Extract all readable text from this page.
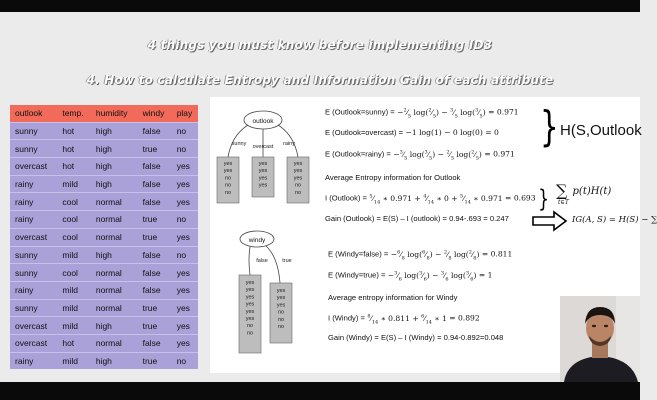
4 things you must know before implementing ID3
4. How to calculate Entropy and Information Gain of each attribute
outlook	temp.	humidity	windy	play
sunny	hot	high	false	no
sunny	hot	high	true	no
overcast	hot	high	false	yes
rainy	mild	high	false	yes
rainy	cool	normal	false	yes
rainy	cool	normal	true	no
overcast	cool	normal	true	yes
sunny	mild	high	false	no
sunny	cool	normal	false	yes
rainy	mild	normal	false	yes
sunny	mild	normal	true	yes
overcast	mild	high	true	yes
overcast	hot	normal	false	yes
rainy	mild	high	true	no
outlook
sunny overcast rainy
yes
yes
no
no
no
yes
yes
yes
yes
yes
yes
yes
no
no
windy
false	true
yes
yes
yes
yes
yes
yes
no
no
yes
yes
yes
no
no
no
E (Outlook=sunny) = $-^2⁄_5$ $\log(^2⁄_5)$ − $^3⁄_5$ $\log(^3⁄_5) = 0.971$
E (Outlook=overcast) = −1 log(1) − 0 log(0) = 0
E (Outlook=rainy) = $-^3⁄_5$ $\log(^3⁄_5)$ − $^2⁄_5$ $\log(^2⁄_5) = 0.971$
Average Entropy information for Outlook
I (Outlook) = $^5⁄_{14}$ ∗ $0.971 + ^4⁄_{14}$ ∗ $0 + ^5⁄_{14}$ ∗ 0.971 = 0.693
Gain (Outlook) = E(S) – I (outlook) = 0.94-.693 = 0.247
E (Windy=false) = $-^6⁄_8$ $\log(^6⁄_8)$ − $^2⁄_8$ $\log(^2⁄_8) = 0.811$
E (Windy=true) = $-^3⁄_6$ $\log(^3⁄_6)$ − $^3⁄_6$ $\log(^3⁄_6) = 1$
Average entropy information for Windy
I (Windy) = $^8⁄_{14}$ ∗ $0.811 + ^6⁄_{14}$ ∗ 1 = 0.892
Gain (Windy) = E(S) – I (Windy) = 0.94-0.892=0.048
} H(S,Outlook
} ∑ p(t)H(t)
t∈T
IG(A, S) = H(S) − ∑
